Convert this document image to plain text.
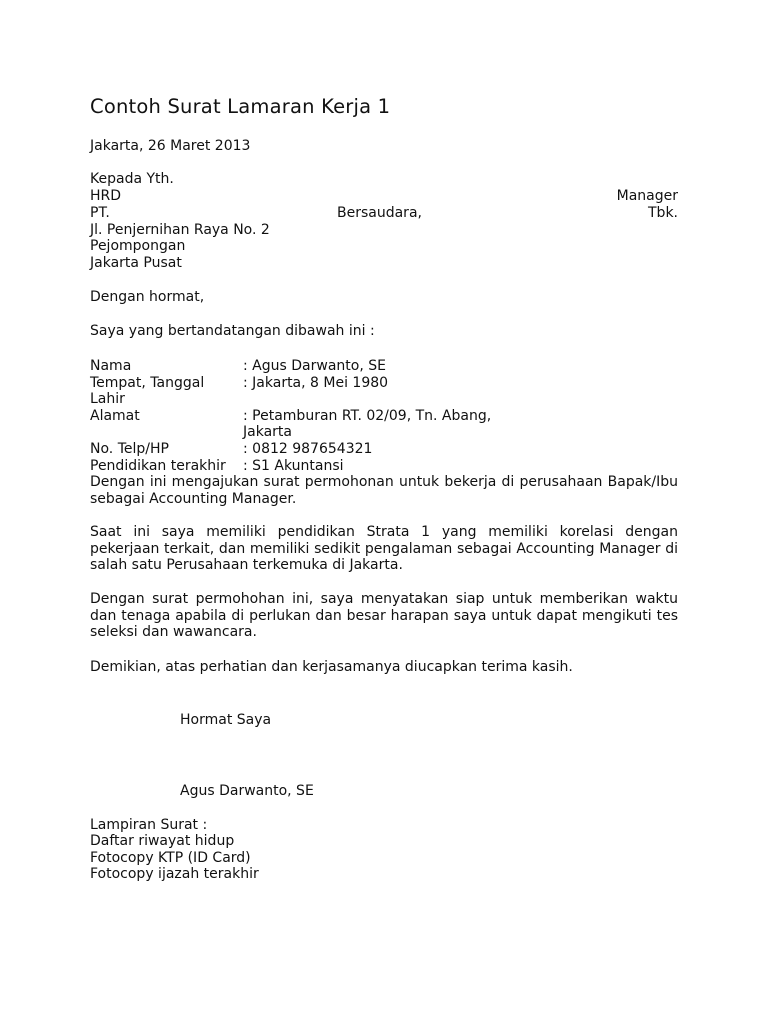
Contoh Surat Lamaran Kerja 1
Jakarta, 26 Maret 2013
Kepada Yth.
HRD	Manager
PT.	Bersaudara,	Tbk.
Jl. Penjernihan Raya No. 2
Pejompongan
Jakarta Pusat
Dengan hormat,
Saya yang bertandatangan dibawah ini :
Nama	: Agus Darwanto, SE
Tempat, Tanggal	: Jakarta, 8 Mei 1980
Lahir
Alamat	: Petamburan RT. 02/09, Tn. Abang,
Jakarta
No. Telp/HP	: 0812 987654321
Pendidikan terakhir : S1 Akuntansi
Dengan ini mengajukan surat permohonan untuk bekerja di perusahaan Bapak/Ibu sebagai Accounting Manager.
Saat ini saya memiliki pendidikan Strata 1 yang memiliki korelasi dengan pekerjaan terkait, dan memiliki sedikit pengalaman sebagai Accounting Manager di salah satu Perusahaan terkemuka di Jakarta.
Dengan surat permohohan ini, saya menyatakan siap untuk memberikan waktu dan tenaga apabila di perlukan dan besar harapan saya untuk dapat mengikuti tes seleksi dan wawancara.
Demikian, atas perhatian dan kerjasamanya diucapkan terima kasih.
Hormat Saya
Agus Darwanto, SE
Lampiran Surat :
Daftar riwayat hidup
Fotocopy KTP (ID Card)
Fotocopy ijazah terakhir
